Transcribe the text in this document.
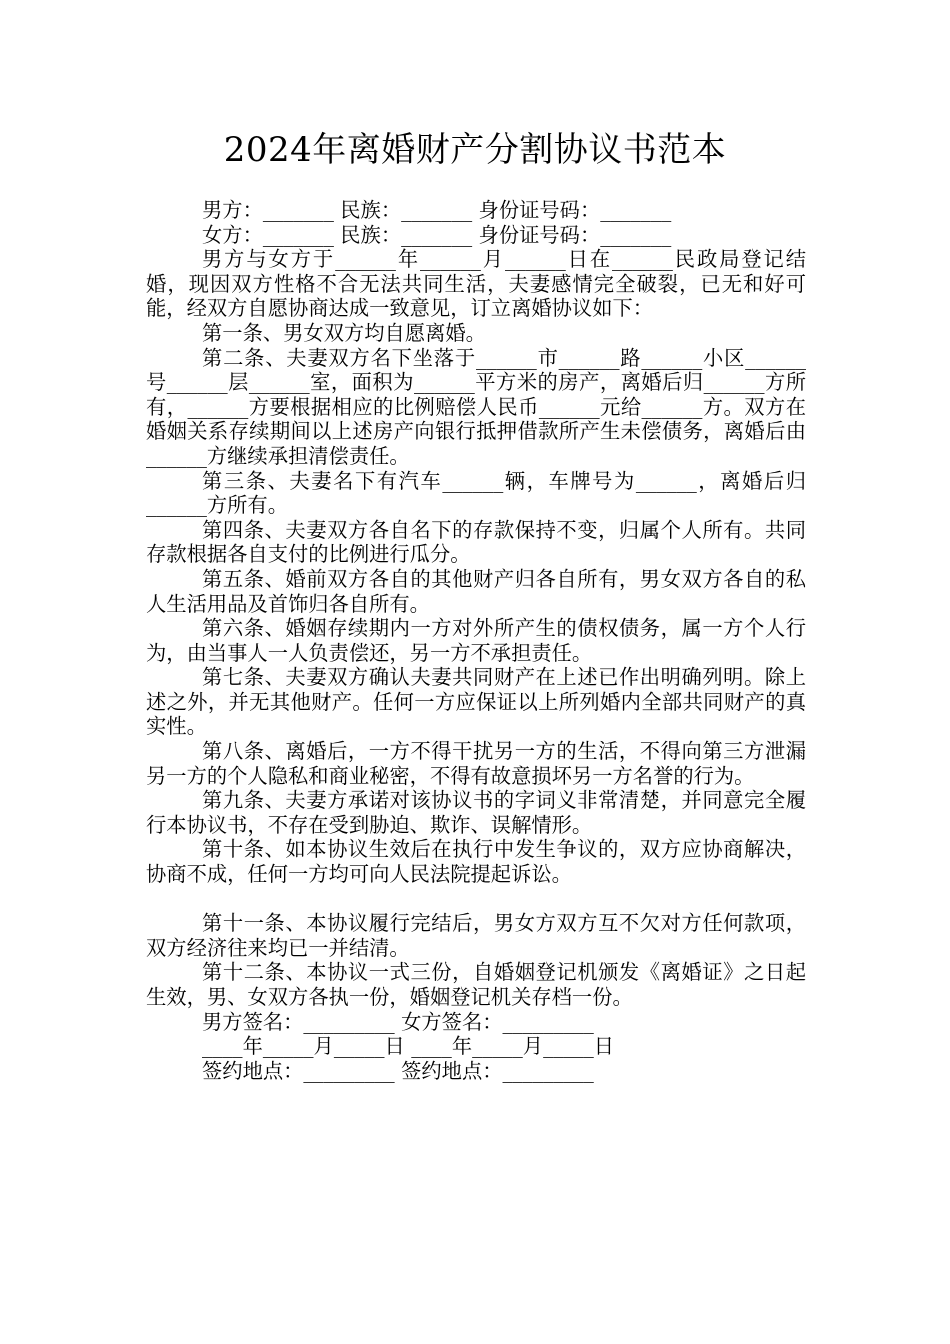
2024年离婚财产分割协议书范本

男方：_______ 民族：_______ 身份证号码：_______

女方：_______ 民族：_______ 身份证号码：_______

男方与女方于______年______月______日在______民政局登记结婚，现因双方性格不合无法共同生活，夫妻感情完全破裂，已无和好可能，经双方自愿协商达成一致意见，订立离婚协议如下：

第一条、男女双方均自愿离婚。

第二条、夫妻双方名下坐落于______市______路______小区______号______层______室，面积为______平方米的房产，离婚后归______方所有，______方要根据相应的比例赔偿人民币______元给______方。双方在婚姻关系存续期间以上述房产向银行抵押借款所产生未偿债务，离婚后由______方继续承担清偿责任。

第三条、夫妻名下有汽车______辆，车牌号为______，离婚后归______方所有。

第四条、夫妻双方各自名下的存款保持不变，归属个人所有。共同存款根据各自支付的比例进行瓜分。

第五条、婚前双方各自的其他财产归各自所有，男女双方各自的私人生活用品及首饰归各自所有。

第六条、婚姻存续期内一方对外所产生的债权债务，属一方个人行为，由当事人一人负责偿还，另一方不承担责任。

第七条、夫妻双方确认夫妻共同财产在上述已作出明确列明。除上述之外，并无其他财产。任何一方应保证以上所列婚内全部共同财产的真实性。

第八条、离婚后，一方不得干扰另一方的生活，不得向第三方泄漏另一方的个人隐私和商业秘密，不得有故意损坏另一方名誉的行为。

第九条、夫妻方承诺对该协议书的字词义非常清楚，并同意完全履行本协议书，不存在受到胁迫、欺诈、误解情形。

第十条、如本协议生效后在执行中发生争议的，双方应协商解决，协商不成，任何一方均可向人民法院提起诉讼。

第十一条、本协议履行完结后，男女方双方互不欠对方任何款项，双方经济往来均已一并结清。

第十二条、本协议一式三份，自婚姻登记机颁发《离婚证》之日起生效，男、女双方各执一份，婚姻登记机关存档一份。

男方签名：_________ 女方签名：_________

____年_____月_____日 ____年_____月_____日

签约地点：_________ 签约地点：_________
